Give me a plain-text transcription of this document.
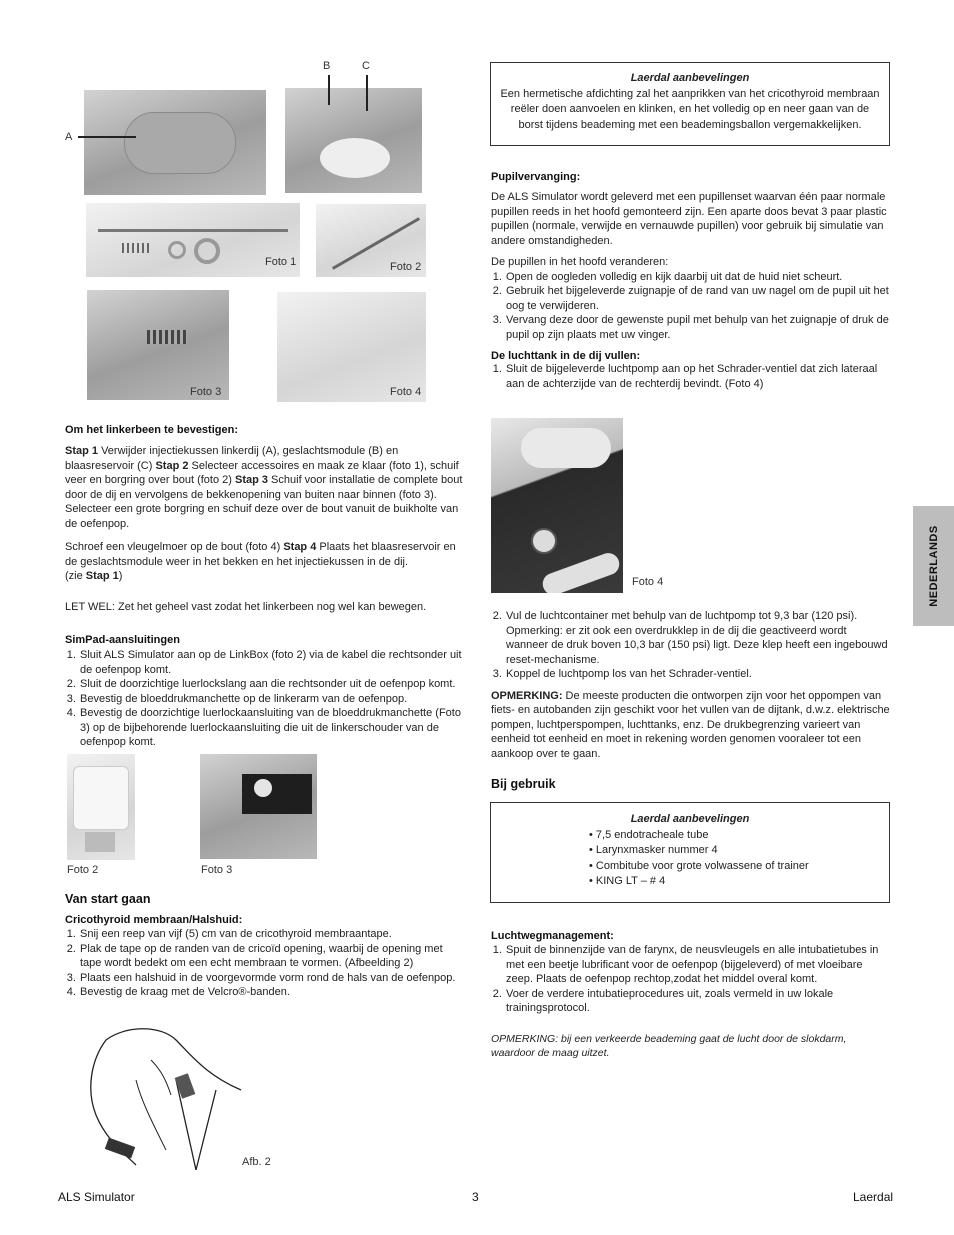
B	C
A
Foto 1	Foto 2
Foto 3	Foto 4
Om het linkerbeen te bevestigen:

Stap 1 Verwijder injectiekussen linkerdij (A), geslachtsmodule (B) en blaasreservoir (C) Stap 2 Selecteer accessoires en maak ze klaar (foto 1), schuif veer en borgring over bout (foto 2) Stap 3 Schuif voor installatie de complete bout door de dij en vervolgens de bekkenopening van buiten naar binnen (foto 3). Selecteer een grote borgring en schuif deze over de bout vanuit de buikholte van de oefenpop.

Schroef een vleugelmoer op de bout (foto 4) Stap 4 Plaats het blaasreservoir en de geslachtsmodule weer in het bekken en het injectiekussen in de dij.
(zie Stap 1)

LET WEL: Zet het geheel vast zodat het linkerbeen nog wel kan bewegen.

SimPad-aansluitingen
1. Sluit ALS Simulator aan op de LinkBox (foto 2) via de kabel die rechtsonder uit de oefenpop komt.
2. Sluit de doorzichtige luerlockslang aan die rechtsonder uit de oefenpop komt.
3. Bevestig de bloeddrukmanchette op de linkerarm van de oefenpop.
4. Bevestig de doorzichtige luerlockaansluiting van de bloeddrukmanchette (Foto 3) op de bijbehorende luerlockaansluiting die uit de linkerschouder van de oefenpop komt.
Foto 2	Foto 3
Van start gaan
Cricothyroid membraan/Halshuid:
1. Snij een reep van vijf (5) cm van de cricothyroid membraantape.
2. Plak de tape op de randen van de cricoïd opening, waarbij de opening met tape wordt bedekt om een echt membraan te vormen. (Afbeelding 2)
3. Plaats een halshuid in de voorgevormde vorm rond de hals van de oefenpop.
4. Bevestig de kraag met de Velcro®-banden.
Afb. 2
Laerdal aanbevelingen
Een hermetische afdichting zal het aanprikken van het cricothyroid membraan reëler doen aanvoelen en klinken, en het volledig op en neer gaan van de borst tijdens beademing met een beademingsballon vergemakkelijken.
Pupilvervanging:

De ALS Simulator wordt geleverd met een pupillenset waarvan één paar normale pupillen reeds in het hoofd gemonteerd zijn. Een aparte doos bevat 3 paar plastic pupillen (normale, verwijde en vernauwde pupillen) voor gebruik bij simulatie van andere omstandigheden.

De pupillen in het hoofd veranderen:

1. Open de oogleden volledig en kijk daarbij uit dat de huid niet scheurt.
2. Gebruik het bijgeleverde zuignapje of de rand van uw nagel om de pupil uit het oog te verwijderen.
3. Vervang deze door de gewenste pupil met behulp van het zuignapje of druk de pupil op zijn plaats met uw vinger.
De luchttank in de dij vullen:
1. Sluit de bijgeleverde luchtpomp aan op het Schrader-ventiel dat zich lateraal aan de achterzijde van de rechterdij bevindt. (Foto 4)
Foto 4
2. Vul de luchtcontainer met behulp van de luchtpomp tot 9,3 bar (120 psi). Opmerking: er zit ook een overdrukklep in de dij die geactiveerd wordt wanneer de druk boven 10,3 bar (150 psi) ligt. Deze klep heeft een ingebouwd reset-mechanisme.
3. Koppel de luchtpomp los van het Schrader-ventiel.

OPMERKING: De meeste producten die ontworpen zijn voor het oppompen van fiets- en autobanden zijn geschikt voor het vullen van de dijtank, d.w.z. elektrische pompen, luchtperspompen, luchttanks, enz. De drukbegrenzing varieert van eenheid tot eenheid en moet in rekening worden genomen vooraleer tot een aankoop over te gaan.

Bij gebruik
Laerdal aanbevelingen
• 7,5 endotracheale tube
• Larynxmasker nummer 4
• Combitube voor grote volwassene of trainer
• KING LT – # 4
Luchtwegmanagement:
1. Spuit de binnenzijde van de farynx, de neusvleugels en alle intubatietubes in met een beetje lubrificant voor de oefenpop (bijgeleverd) of met vloeibare zeep. Plaats de oefenpop rechtop,zodat het middel overal komt.
2. Voer de verdere intubatieprocedures uit, zoals vermeld in uw lokale trainingsprotocol.

OPMERKING: bij een verkeerde beademing gaat de lucht door de slokdarm, waardoor de maag uitzet.

NEDERLANDS
ALS Simulator	3	Laerdal
